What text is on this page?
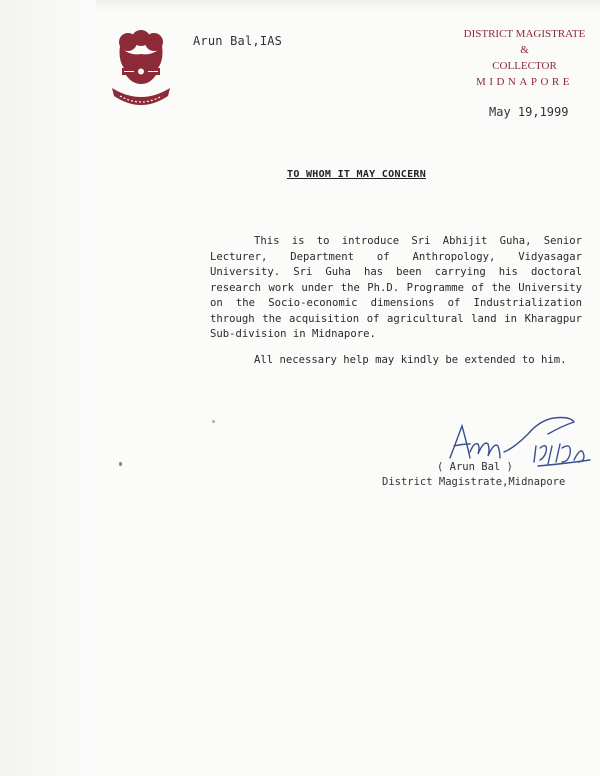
Arun Bal,IAS	DISTRICT MAGISTRATE
&
COLLECTOR
MIDNAPORE
May 19,1999
TO WHOM IT MAY CONCERN

This is to introduce Sri Abhijit Guha, Senior Lecturer, Department of Anthropology, Vidyasagar University. Sri Guha has been carrying his doctoral research work under the Ph.D. Programme of the University on the Socio-economic dimensions of Industrialization through the acquisition of agricultural land in Kharagpur Sub-division in Midnapore.

All necessary help may kindly be extended to him.

( Arun Bal )
District Magistrate,Midnapore
